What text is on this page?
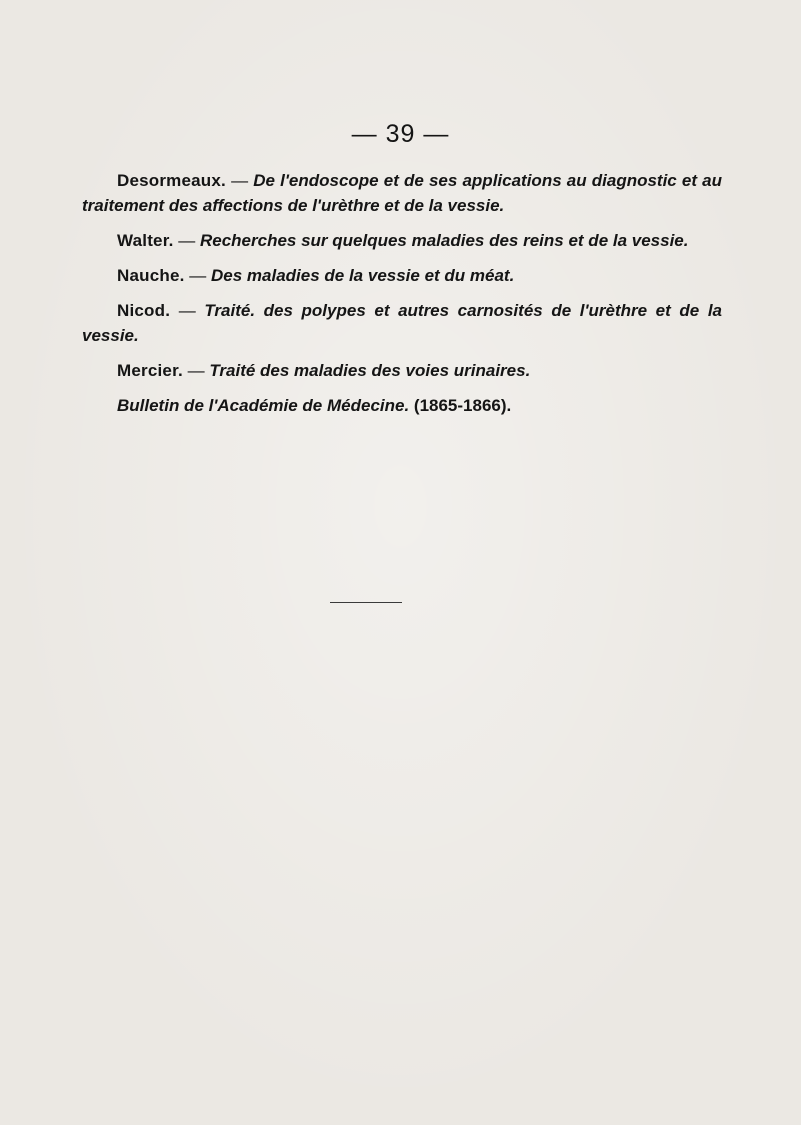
— 39 —

Desormeaux. — De l'endoscope et de ses applications au diagnostic et au traitement des affections de l'urèthre et de la vessie.

Walter. — Recherches sur quelques maladies des reins et de la vessie.

Nauche. — Des maladies de la vessie et du méat.

Nicod. — Traité. des polypes et autres carnosités de l'urèthre et de la vessie.

Mercier. — Traité des maladies des voies urinaires.

Bulletin de l'Académie de Médecine. (1865-1866).
